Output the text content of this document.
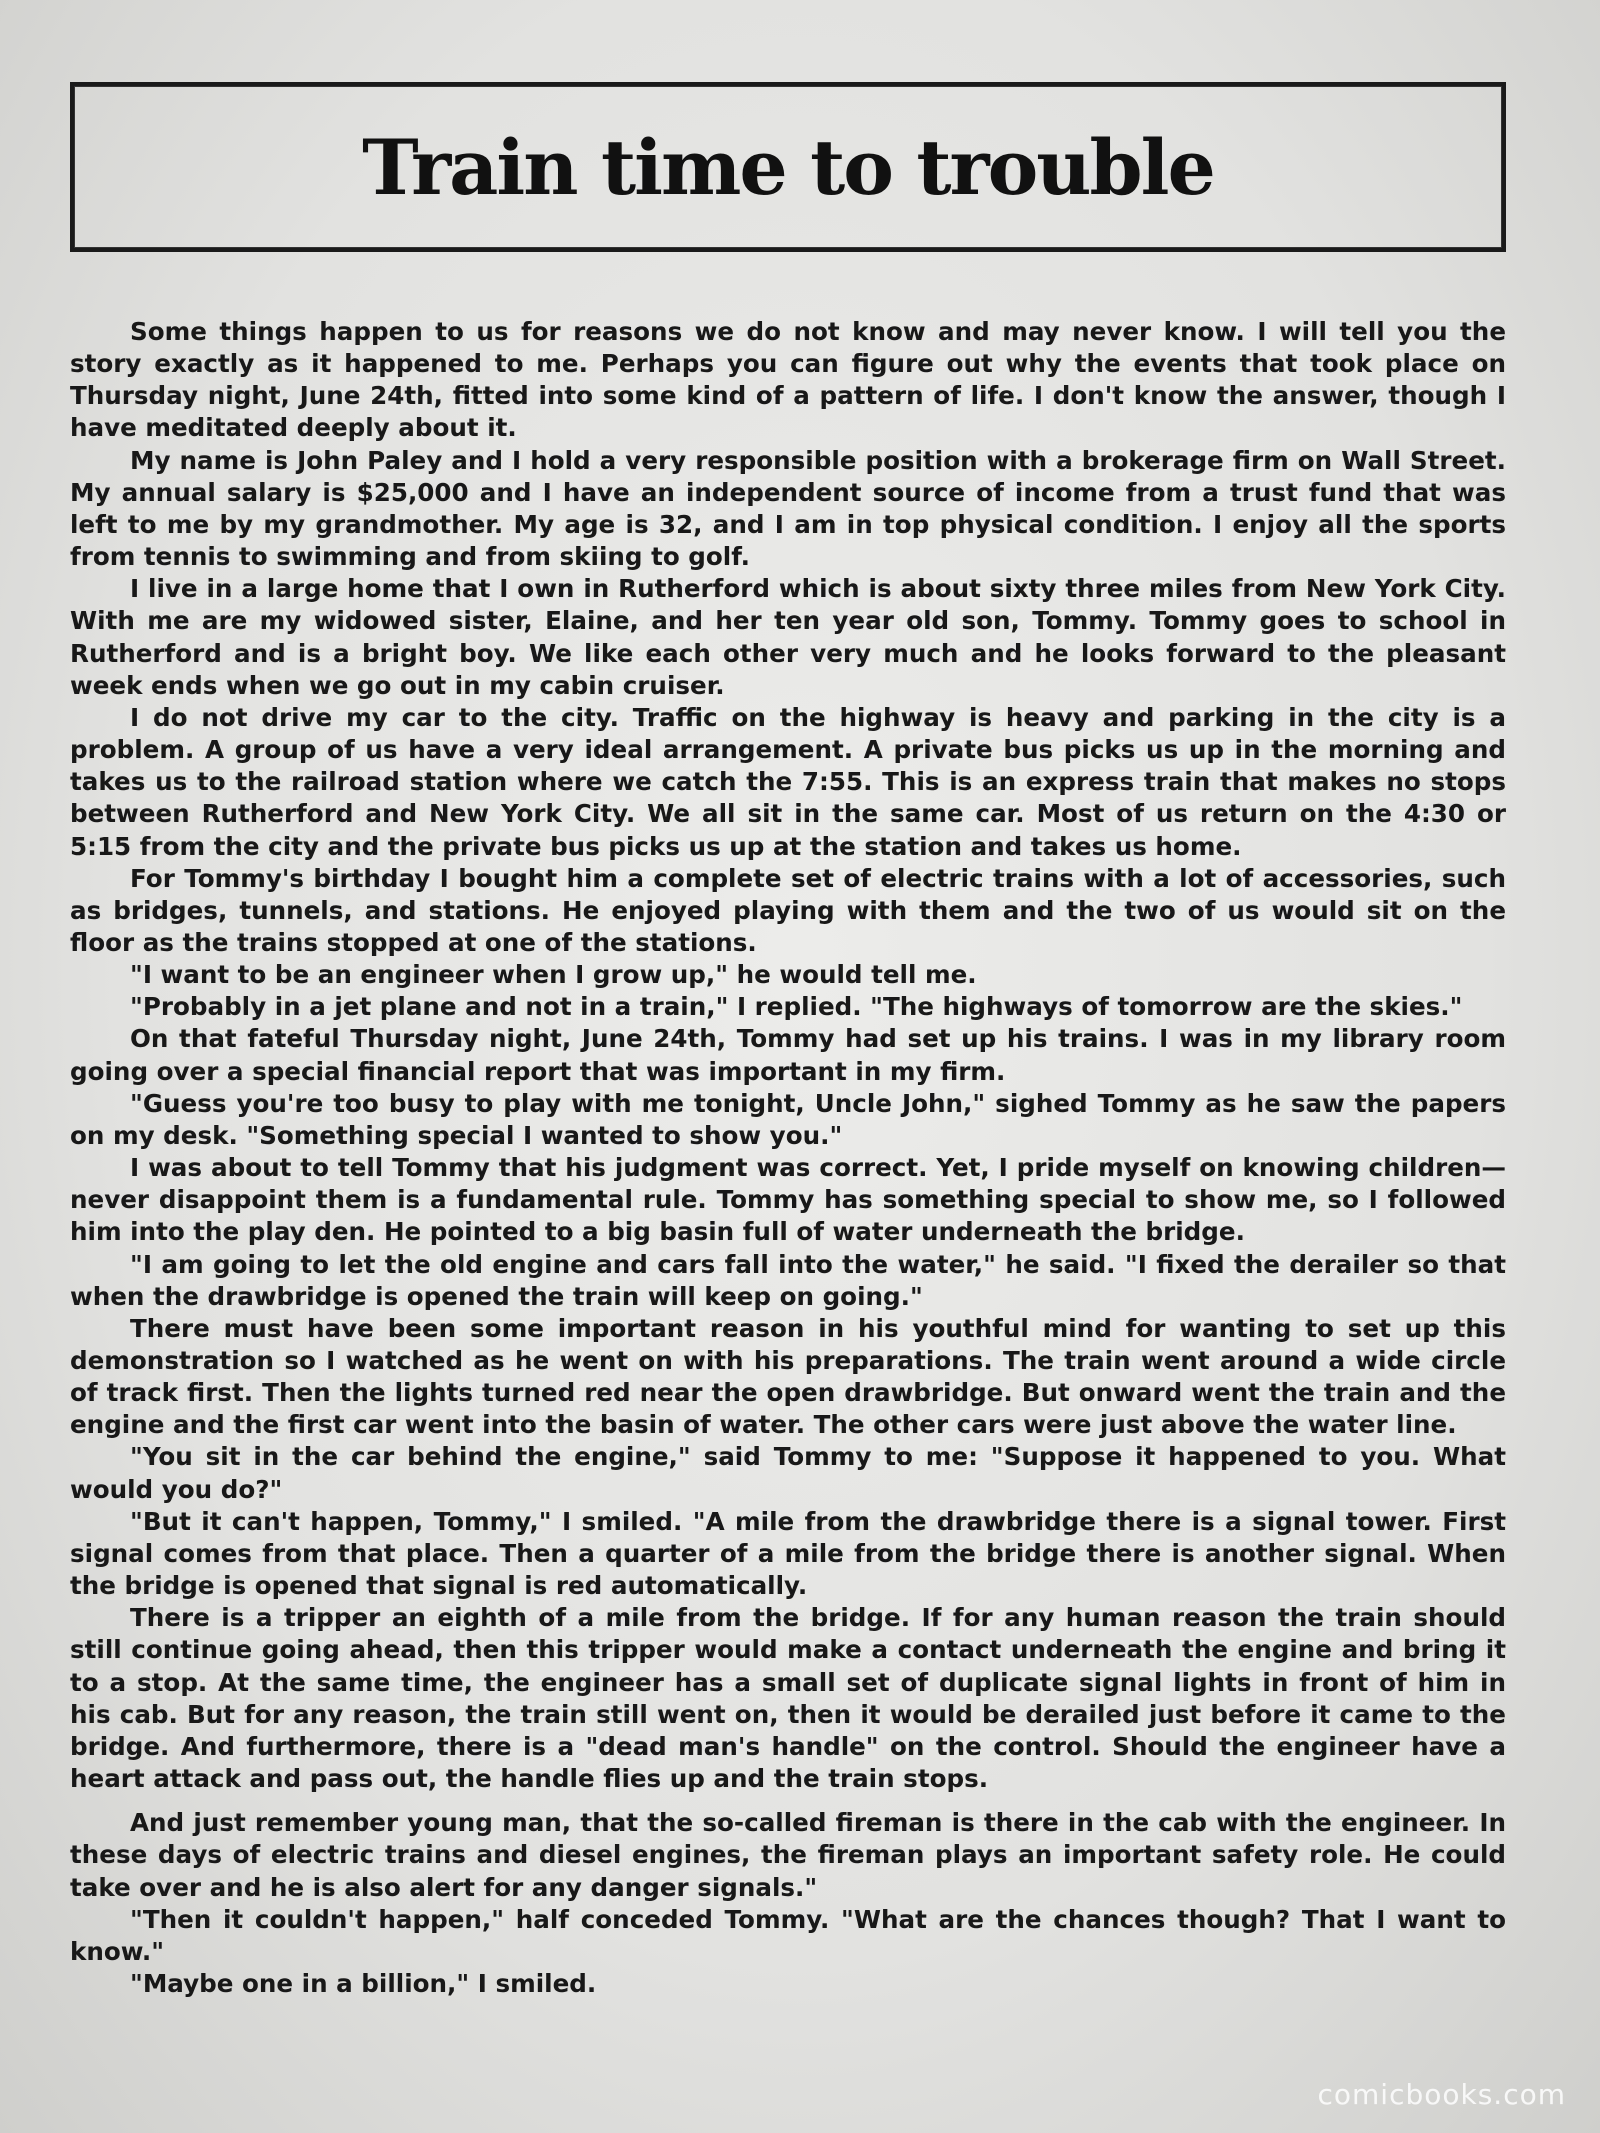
Train time to trouble

Some things happen to us for reasons we do not know and may never know. I will tell you the story exactly as it happened to me. Perhaps you can figure out why the events that took place on Thursday night, June 24th, fitted into some kind of a pattern of life. I don't know the answer, though I have meditated deeply about it.

My name is John Paley and I hold a very responsible position with a brokerage firm on Wall Street. My annual salary is $25,000 and I have an independent source of income from a trust fund that was left to me by my grandmother. My age is 32, and I am in top physical condition. I enjoy all the sports from tennis to swimming and from skiing to golf.

I live in a large home that I own in Rutherford which is about sixty three miles from New York City. With me are my widowed sister, Elaine, and her ten year old son, Tommy. Tommy goes to school in Rutherford and is a bright boy. We like each other very much and he looks forward to the pleasant week ends when we go out in my cabin cruiser.

I do not drive my car to the city. Traffic on the highway is heavy and parking in the city is a problem. A group of us have a very ideal arrangement. A private bus picks us up in the morning and takes us to the railroad station where we catch the 7:55. This is an express train that makes no stops between Rutherford and New York City. We all sit in the same car. Most of us return on the 4:30 or 5:15 from the city and the private bus picks us up at the station and takes us home.

For Tommy's birthday I bought him a complete set of electric trains with a lot of accessories, such as bridges, tunnels, and stations. He enjoyed playing with them and the two of us would sit on the floor as the trains stopped at one of the stations.

"I want to be an engineer when I grow up," he would tell me.

"Probably in a jet plane and not in a train," I replied. "The highways of tomorrow are the skies."

On that fateful Thursday night, June 24th, Tommy had set up his trains. I was in my library room going over a special financial report that was important in my firm.

"Guess you're too busy to play with me tonight, Uncle John," sighed Tommy as he saw the papers on my desk. "Something special I wanted to show you."

I was about to tell Tommy that his judgment was correct. Yet, I pride myself on knowing children—never disappoint them is a fundamental rule. Tommy has something special to show me, so I followed him into the play den. He pointed to a big basin full of water underneath the bridge.

"I am going to let the old engine and cars fall into the water," he said. "I fixed the derailer so that when the drawbridge is opened the train will keep on going."

There must have been some important reason in his youthful mind for wanting to set up this demonstration so I watched as he went on with his preparations. The train went around a wide circle of track first. Then the lights turned red near the open drawbridge. But onward went the train and the engine and the first car went into the basin of water. The other cars were just above the water line.

"You sit in the car behind the engine," said Tommy to me: "Suppose it happened to you. What would you do?"

"But it can't happen, Tommy," I smiled. "A mile from the drawbridge there is a signal tower. First signal comes from that place. Then a quarter of a mile from the bridge there is another signal. When the bridge is opened that signal is red automatically.

There is a tripper an eighth of a mile from the bridge. If for any human reason the train should still continue going ahead, then this tripper would make a contact underneath the engine and bring it to a stop. At the same time, the engineer has a small set of duplicate signal lights in front of him in his cab. But for any reason, the train still went on, then it would be derailed just before it came to the bridge. And furthermore, there is a "dead man's handle" on the control. Should the engineer have a heart attack and pass out, the handle flies up and the train stops.

And just remember young man, that the so-called fireman is there in the cab with the engineer. In these days of electric trains and diesel engines, the fireman plays an important safety role. He could take over and he is also alert for any danger signals."

"Then it couldn't happen," half conceded Tommy. "What are the chances though? That I want to know."

"Maybe one in a billion," I smiled.

comicbooks.com
